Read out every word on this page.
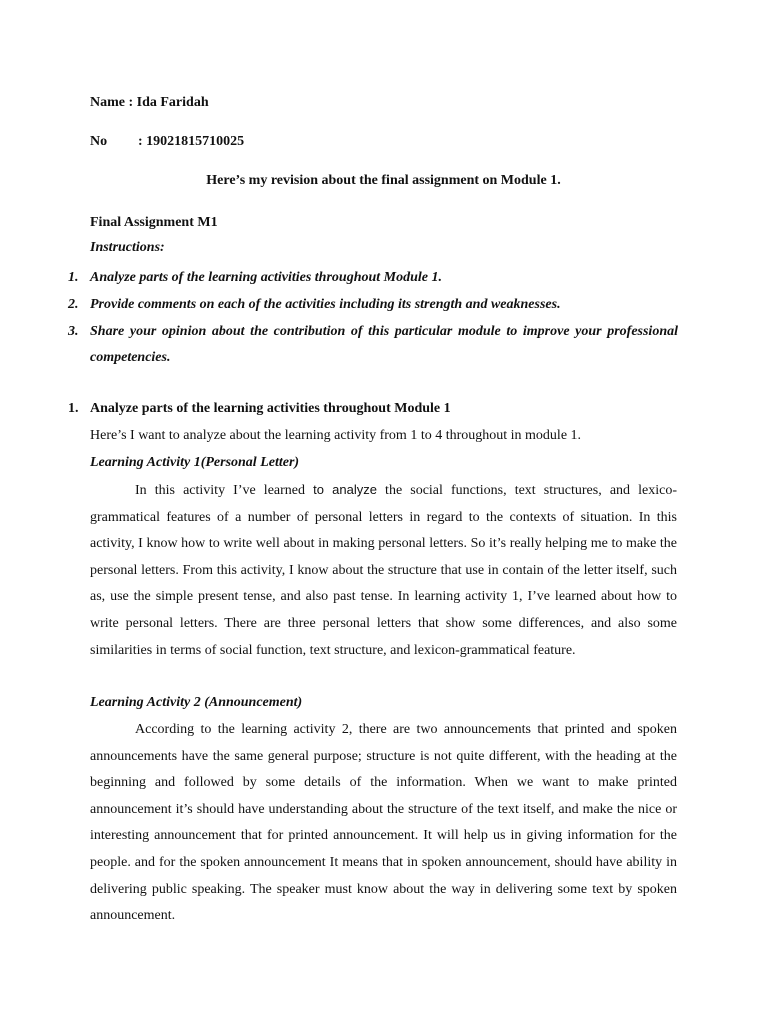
Name : Ida Faridah
No : 19021815710025
Here’s my revision about the final assignment on Module 1.
Final Assignment M1
Instructions:
1. Analyze parts of the learning activities throughout Module 1.
2. Provide comments on each of the activities including its strength and weaknesses.
3. Share your opinion about the contribution of this particular module to improve your professional competencies.
1. Analyze parts of the learning activities throughout Module 1
Here’s I want to analyze about the learning activity from 1 to 4 throughout in module 1.
Learning Activity 1(Personal Letter)

In this activity I’ve learned to analyze the social functions, text structures, and lexico-grammatical features of a number of personal letters in regard to the contexts of situation. In this activity, I know how to write well about in making personal letters. So it’s really helping me to make the personal letters. From this activity, I know about the structure that use in contain of the letter itself, such as, use the simple present tense, and also past tense. In learning activity 1, I’ve learned about how to write personal letters. There are three personal letters that show some differences, and also some similarities in terms of social function, text structure, and lexicon-grammatical feature.

Learning Activity 2 (Announcement)

According to the learning activity 2, there are two announcements that printed and spoken announcements have the same general purpose; structure is not quite different, with the heading at the beginning and followed by some details of the information. When we want to make printed announcement it’s should have understanding about the structure of the text itself, and make the nice or interesting announcement that for printed announcement. It will help us in giving information for the people. and for the spoken announcement It means that in spoken announcement, should have ability in delivering public speaking. The speaker must know about the way in delivering some text by spoken announcement.
